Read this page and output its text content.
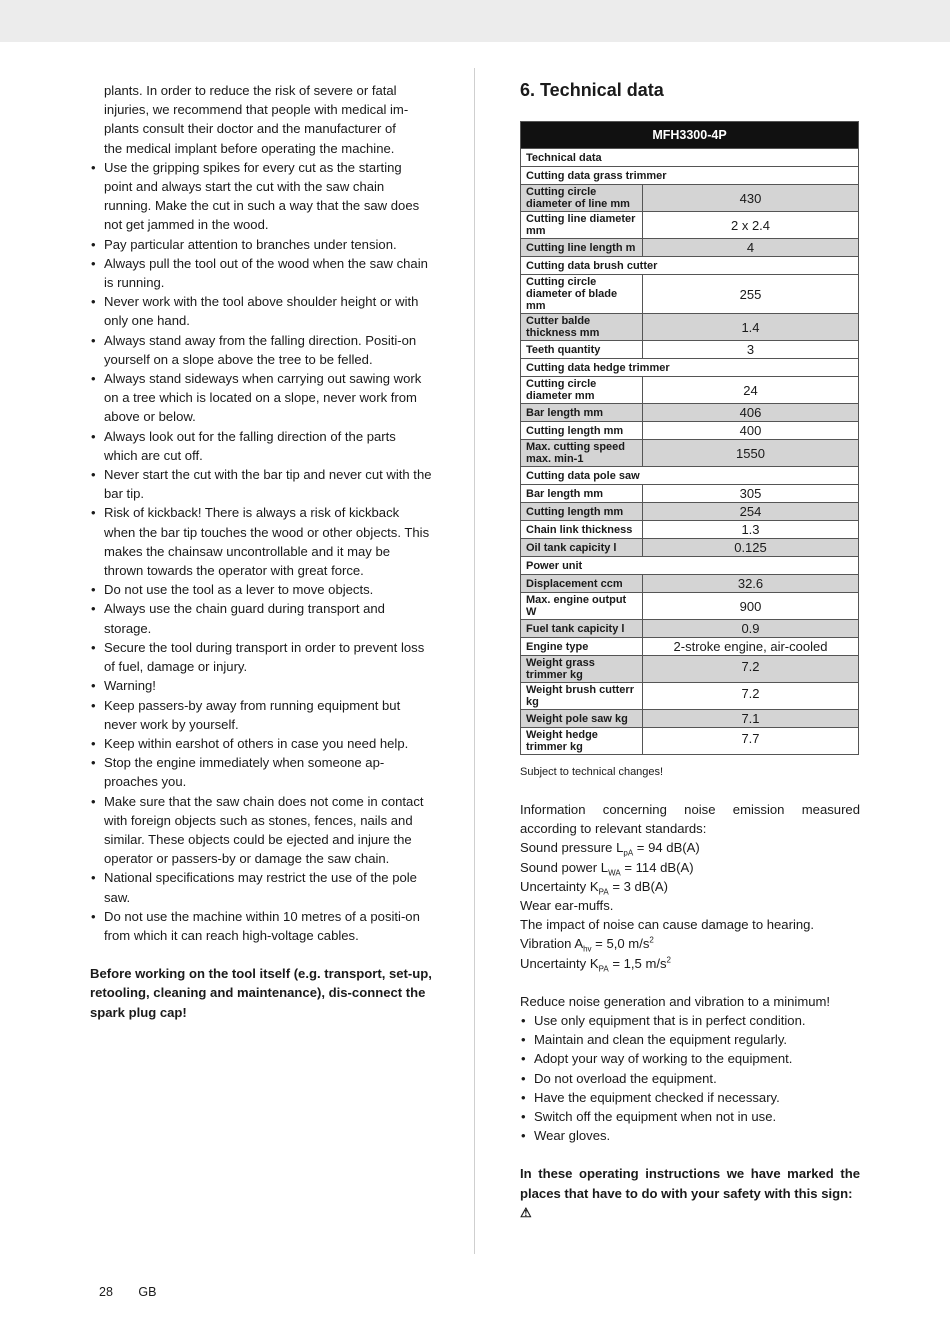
plants. In order to reduce the risk of severe or fatal
injuries, we recommend that people with medical im-
plants consult their doctor and the manufacturer of
the medical implant before operating the machine.
• Use the gripping spikes for every cut as the starting point and always start the cut with the saw chain running. Make the cut in such a way that the saw does not get jammed in the wood.
• Pay particular attention to branches under tension.
• Always pull the tool out of the wood when the saw chain is running.
• Never work with the tool above shoulder height or with only one hand.
• Always stand away from the falling direction. Positi-on yourself on a slope above the tree to be felled.
• Always stand sideways when carrying out sawing work on a tree which is located on a slope, never work from above or below.
• Always look out for the falling direction of the parts which are cut off.
• Never start the cut with the bar tip and never cut with the bar tip.
• Risk of kickback! There is always a risk of kickback when the bar tip touches the wood or other objects. This makes the chainsaw uncontrollable and it may be thrown towards the operator with great force.
• Do not use the tool as a lever to move objects.
• Always use the chain guard during transport and storage.
• Secure the tool during transport in order to prevent loss of fuel, damage or injury.
• Warning!
• Keep passers-by away from running equipment but never work by yourself.
• Keep within earshot of others in case you need help.
• Stop the engine immediately when someone ap-proaches you.
• Make sure that the saw chain does not come in contact with foreign objects such as stones, fences, nails and similar. These objects could be ejected and injure the operator or passers-by or damage the saw chain.
• National specifications may restrict the use of the pole saw.
• Do not use the machine within 10 metres of a positi-on from which it can reach high-voltage cables.
Before working on the tool itself (e.g. transport, set-up, retooling, cleaning and maintenance), dis-connect the spark plug cap!
6. Technical data
MFH3300-4P	
Technical data	
Cutting data grass trimmer	
Cutting circle diameter of line mm	430
Cutting line diameter mm	2 x 2.4
Cutting line length m	4
Cutting data brush cutter	
Cutting circle diameter of blade mm	255
Cutter balde thickness mm	1.4
Teeth quantity	3
Cutting data hedge trimmer	
Cutting circle diameter mm	24
Bar length mm	406
Cutting length mm	400
Max. cutting speed max. min-1	1550
Cutting data pole saw	
Bar length mm	305
Cutting length mm	254
Chain link thickness	1.3
Oil tank capicity l	0.125
Power unit	
Displacement ccm	32.6
Max. engine output W	900
Fuel tank capicity l	0.9
Engine type	2-stroke engine, air-cooled
Weight grass trimmer kg	7.2
Weight brush cutterr kg	7.2
Weight pole saw kg	7.1
Weight hedge trimmer kg	7.7
Subject to technical changes!
Information concerning noise emission measured
according to relevant standards:
Sound pressure $L_{pA} = 94$ dB(A)
Sound power $L_{WA} = 114$ dB(A)
Uncertainty $K_{PA} = 3$ dB(A)
Wear ear-muffs.
The impact of noise can cause damage to hearing.
Vibration $A_{hv} = 5,0$ $m/s^2$
Uncertainty $K_{PA} = 1,5$ $m/s^2$
Reduce noise generation and vibration to a minimum!
• Use only equipment that is in perfect condition.
• Maintain and clean the equipment regularly.
• Adopt your way of working to the equipment.
• Do not overload the equipment.
• Have the equipment checked if necessary.
• Switch off the equipment when not in use.
• Wear gloves.
In these operating instructions we have marked the
places that have to do with your safety with this sign: ⚠
28 GB
